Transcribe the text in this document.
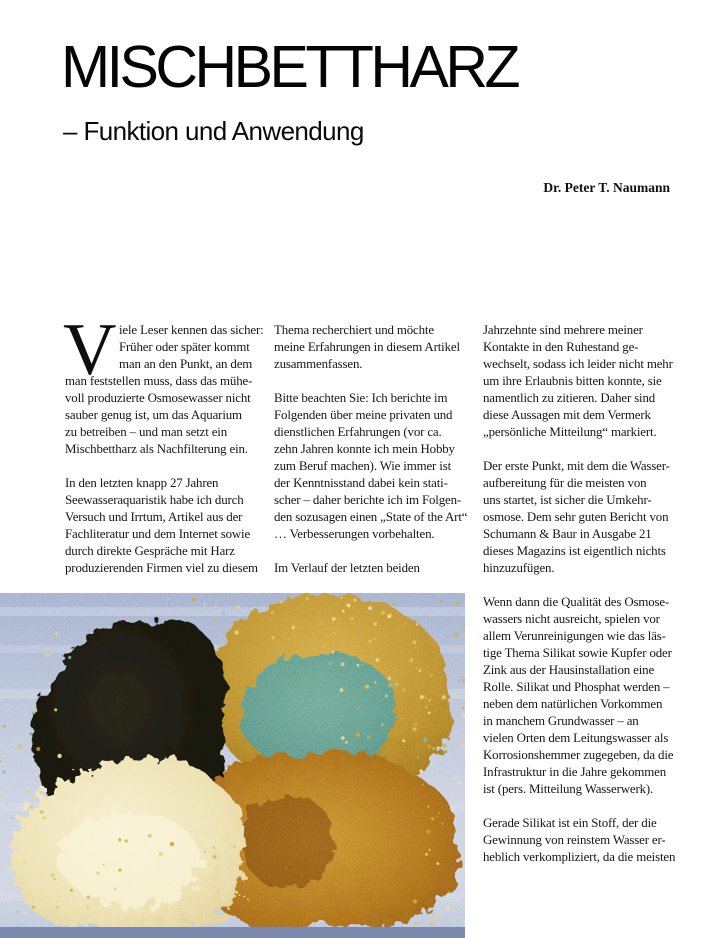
MISCHBETTHARZ
– Funktion und Anwendung
Dr. Peter T. Naumann
V iele Leser kennen das sicher:
Früher oder später kommt
man an den Punkt, an dem
man feststellen muss, dass das mühe-
voll produzierte Osmosewasser nicht
sauber genug ist, um das Aquarium
zu betreiben – und man setzt ein
Mischbettharz als Nachfilterung ein.
In den letzten knapp 27 Jahren
Seewasseraquaristik habe ich durch
Versuch und Irrtum, Artikel aus der
Fachliteratur und dem Internet sowie
durch direkte Gespräche mit Harz
produzierenden Firmen viel zu diesem
Thema recherchiert und möchte
meine Erfahrungen in diesem Artikel
zusammenfassen.
Bitte beachten Sie: Ich berichte im
Folgenden über meine privaten und
dienstlichen Erfahrungen (vor ca.
zehn Jahren konnte ich mein Hobby
zum Beruf machen). Wie immer ist
der Kenntnisstand dabei kein stati-
scher – daher berichte ich im Folgen-
den sozusagen einen „State of the Art“
… Verbesserungen vorbehalten.
Im Verlauf der letzten beiden
Jahrzehnte sind mehrere meiner
Kontakte in den Ruhestand ge-
wechselt, sodass ich leider nicht mehr
um ihre Erlaubnis bitten konnte, sie
namentlich zu zitieren. Daher sind
diese Aussagen mit dem Vermerk
„persönliche Mitteilung“ markiert.
Der erste Punkt, mit dem die Wasser-
aufbereitung für die meisten von
uns startet, ist sicher die Umkehr-
osmose. Dem sehr guten Bericht von
Schumann & Baur in Ausgabe 21
dieses Magazins ist eigentlich nichts
hinzuzufügen.
Wenn dann die Qualität des Osmose-
wassers nicht ausreicht, spielen vor
allem Verunreinigungen wie das läs-
tige Thema Silikat sowie Kupfer oder
Zink aus der Hausinstallation eine
Rolle. Silikat und Phosphat werden –
neben dem natürlichen Vorkommen
in manchem Grundwasser – an
vielen Orten dem Leitungswasser als
Korrosionshemmer zugegeben, da die
Infrastruktur in die Jahre gekommen
ist (pers. Mitteilung Wasserwerk).
Gerade Silikat ist ein Stoff, der die
Gewinnung von reinstem Wasser er-
heblich verkompliziert, da die meisten
